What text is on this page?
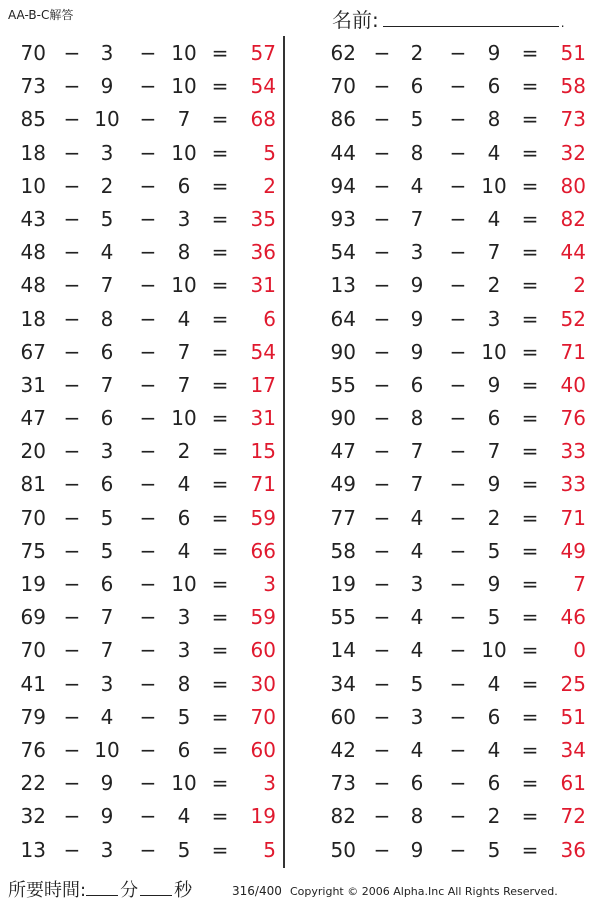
AA-B-C解答	名前:	.
70 −	3	− 10 =	57
73 −	9	− 10 =	54
85 − 10 −	7	=	68
18 −	3	− 10 =	5
10 −	2	−	6	=	2
43 −	5	−	3	=	35
48 −	4	−	8	=	36
48 −	7	− 10 =	31
18 −	8	−	4	=	6
67 −	6	−	7	=	54
31 −	7	−	7	=	17
47 −	6	− 10 =	31
20 −	3	−	2	=	15
81 −	6	−	4	=	71
70 −	5	−	6	=	59
75 −	5	−	4	=	66
19 −	6	− 10 =	3
69 −	7	−	3	=	59
70 −	7	−	3	=	60
41 −	3	−	8	=	30
79 −	4	−	5	=	70
76 − 10 −	6	=	60
22 −	9	− 10 =	3
32 −	9	−	4	=	19
13 −	3	−	5	=	5
62 −	2	−	9	=	51
70 −	6	−	6	=	58
86 −	5	−	8	=	73
44 −	8	−	4	=	32
94 −	4	− 10 =	80
93 −	7	−	4	=	82
54 −	3	−	7	=	44
13 −	9	−	2	=	2
64 −	9	−	3	=	52
90 −	9	− 10 =	71
55 −	6	−	9	=	40
90 −	8	−	6	=	76
47 −	7	−	7	=	33
49 −	7	−	9	=	33
77 −	4	−	2	=	71
58 −	4	−	5	=	49
19 −	3	−	9	=	7
55 −	4	−	5	=	46
14 −	4	− 10 =	0
34 −	5	−	4	=	25
60 −	3	−	6	=	51
42 −	4	−	4	=	34
73 −	6	−	6	=	61
82 −	8	−	2	=	72
50 −	9	−	5	=	36
所要時間: 分 秒	316/400 Copyright © 2006 Alpha.Inc All Rights Reserved.
